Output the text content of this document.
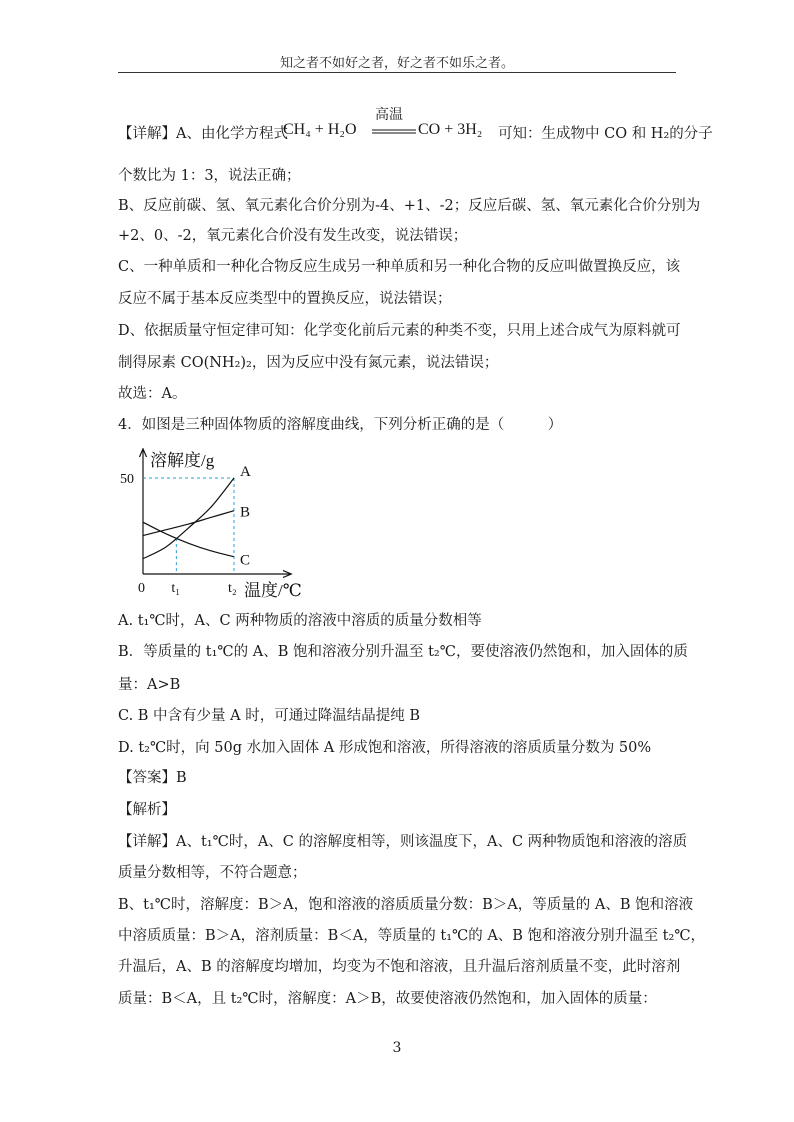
知之者不如好之者，好之者不如乐之者。
【详解】A、由化学方程式
CH₄ + H₂O
高温
CO + 3H₂ 可知：生成物中 CO 和 H₂的分子
个数比为 1：3，说法正确；
B、反应前碳、氢、氧元素化合价分别为-4、+1、-2；反应后碳、氢、氧元素化合价分别为
+2、0、-2，氧元素化合价没有发生改变，说法错误；
C、一种单质和一种化合物反应生成另一种单质和另一种化合物的反应叫做置换反应，该
反应不属于基本反应类型中的置换反应，说法错误；
D、依据质量守恒定律可知：化学变化前后元素的种类不变，只用上述合成气为原料就可
制得尿素 CO(NH₂)₂，因为反应中没有氮元素，说法错误；
故选：A。
4．如图是三种固体物质的溶解度曲线，下列分析正确的是（　　　）
溶解度/g
温度/℃
0 t₁	t₂
50	A
B
C
A. t₁℃时，A、C 两种物质的溶液中溶质的质量分数相等
B．等质量的 t₁℃的 A、B 饱和溶液分别升温至 t₂℃，要使溶液仍然饱和，加入固体的质
量：A>B
C. B 中含有少量 A 时，可通过降温结晶提纯 B
D. t₂℃时，向 50g 水加入固体 A 形成饱和溶液，所得溶液的溶质质量分数为 50%
【答案】B
【解析】
【详解】A、t₁℃时，A、C 的溶解度相等，则该温度下，A、C 两种物质饱和溶液的溶质
质量分数相等，不符合题意；
B、t₁℃时，溶解度：B＞A，饱和溶液的溶质质量分数：B＞A，等质量的 A、B 饱和溶液
中溶质质量：B＞A，溶剂质量：B＜A，等质量的 t₁℃的 A、B 饱和溶液分别升温至 t₂℃，
升温后，A、B 的溶解度均增加，均变为不饱和溶液，且升温后溶剂质量不变，此时溶剂
质量：B＜A，且 t₂℃时，溶解度：A＞B，故要使溶液仍然饱和，加入固体的质量：
3
